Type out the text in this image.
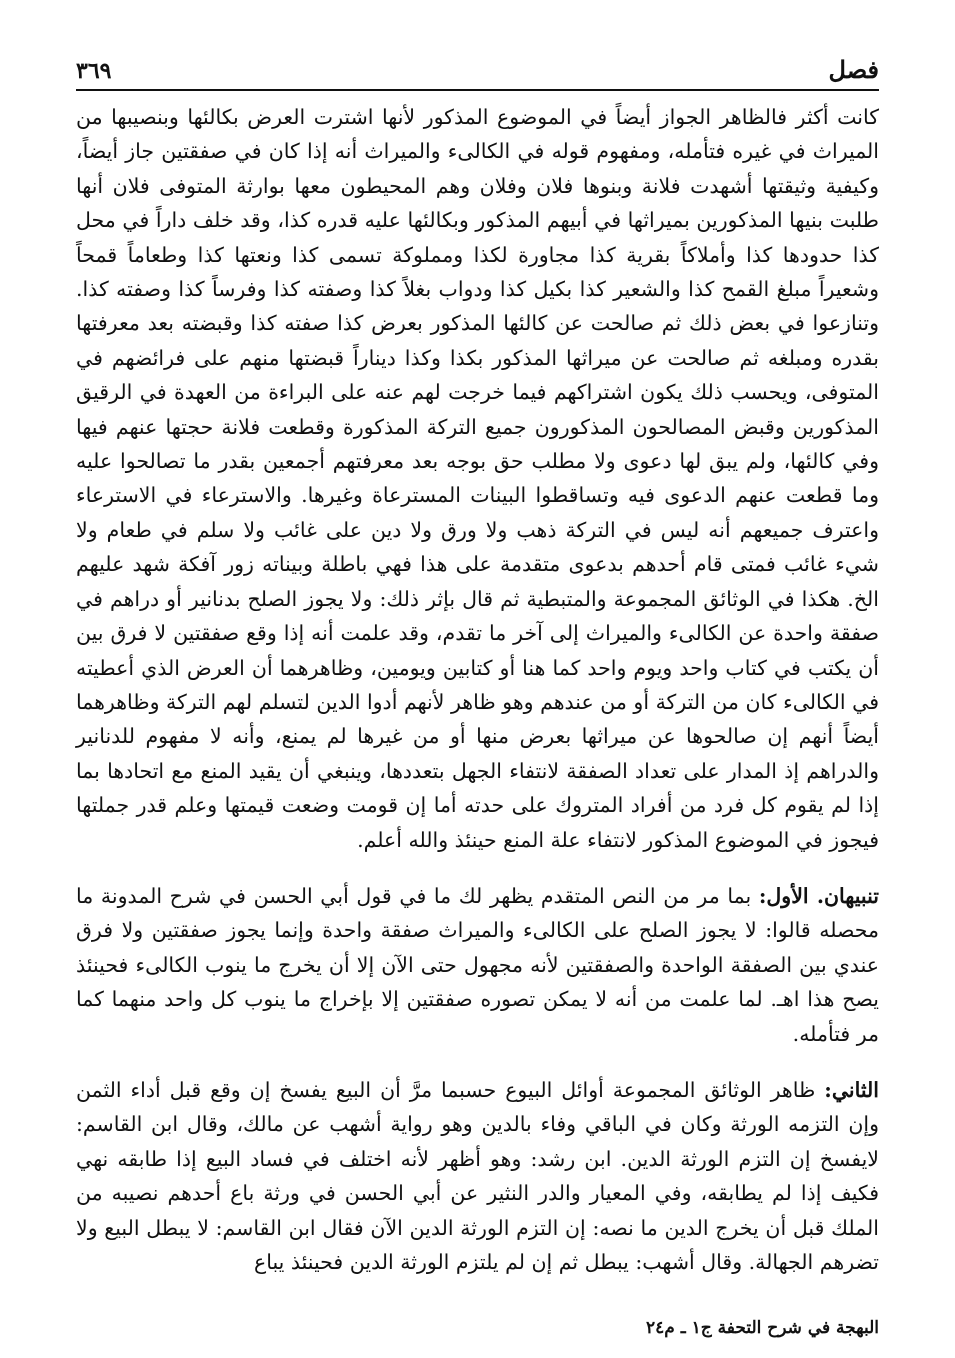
فصل
٣٦٩

كانت أكثر فالظاهر الجواز أيضاً في الموضوع المذكور لأنها اشترت العرض بكالئها وبنصيبها من الميراث في غيره فتأمله، ومفهوم قوله في الكالىء والميراث أنه إذا كان في صفقتين جاز أيضاً، وكيفية وثيقتها أشهدت فلانة وبنوها فلان وفلان وهم المحيطون معها بوارثة المتوفى فلان أنها طلبت بنيها المذكورين بميراثها في أبيهم المذكور وبكالئها عليه قدره كذا، وقد خلف داراً في محل كذا حدودها كذا وأملاكاً بقرية كذا مجاورة لكذا ومملوكة تسمى كذا ونعتها كذا وطعاماً قمحاً وشعيراً مبلغ القمح كذا والشعير كذا بكيل كذا ودواب بغلاً كذا وصفته كذا وفرساً كذا وصفته كذا. وتنازعوا في بعض ذلك ثم صالحت عن كالئها المذكور بعرض كذا صفته كذا وقبضته بعد معرفتها بقدره ومبلغه ثم صالحت عن ميراثها المذكور بكذا وكذا ديناراً قبضتها منهم على فرائضهم في المتوفى، ويحسب ذلك يكون اشتراكهم فيما خرجت لهم عنه على البراءة من العهدة في الرقيق المذكورين وقبض المصالحون المذكورون جميع التركة المذكورة وقطعت فلانة حجتها عنهم فيها وفي كالئها، ولم يبق لها دعوى ولا مطلب حق بوجه بعد معرفتهم أجمعين بقدر ما تصالحوا عليه وما قطعت عنهم الدعوى فيه وتساقطوا البينات المسترعاة وغيرها. والاسترعاء في الاسترعاء واعترف جميعهم أنه ليس في التركة ذهب ولا ورق ولا دين على غائب ولا سلم في طعام ولا شيء غائب فمتى قام أحدهم بدعوى متقدمة على هذا فهي باطلة وبيناته زور آفكة شهد عليهم الخ. هكذا في الوثائق المجموعة والمتبطية ثم قال بإثر ذلك: ولا يجوز الصلح بدنانير أو دراهم في صفقة واحدة عن الكالىء والميراث إلى آخر ما تقدم، وقد علمت أنه إذا وقع صفقتين لا فرق بين أن يكتب في كتاب واحد ويوم واحد كما هنا أو كتابين ويومين، وظاهرهما أن العرض الذي أعطيته في الكالىء كان من التركة أو من عندهم وهو ظاهر لأنهم أدوا الدين لتسلم لهم التركة وظاهرهما أيضاً أنهم إن صالحوها عن ميراثها بعرض منها أو من غيرها لم يمنع، وأنه لا مفهوم للدنانير والدراهم إذ المدار على تعداد الصفقة لانتفاء الجهل بتعددها، وينبغي أن يقيد المنع مع اتحادها بما إذا لم يقوم كل فرد من أفراد المتروك على حدته أما إن قومت وضعت قيمتها وعلم قدر جملتها فيجوز في الموضوع المذكور لانتفاء علة المنع حينئذ والله أعلم.

تنبيهان. الأول: بما مر من النص المتقدم يظهر لك ما في قول أبي الحسن في شرح المدونة ما محصله قالوا: لا يجوز الصلح على الكالىء والميراث صفقة واحدة وإنما يجوز صفقتين ولا فرق عندي بين الصفقة الواحدة والصفقتين لأنه مجهول حتى الآن إلا أن يخرج ما ينوب الكالىء فحينئذ يصح هذا اهـ. لما علمت من أنه لا يمكن تصوره صفقتين إلا بإخراج ما ينوب كل واحد منهما كما مر فتأمله.

الثاني: ظاهر الوثائق المجموعة أوائل البيوع حسبما مرَّ أن البيع يفسخ إن وقع قبل أداء الثمن وإن التزمه الورثة وكان في الباقي وفاء بالدين وهو رواية أشهب عن مالك، وقال ابن القاسم: لايفسخ إن التزم الورثة الدين. ابن رشد: وهو أظهر لأنه اختلف في فساد البيع إذا طابقه نهي فكيف إذا لم يطابقه، وفي المعيار والدر النثير عن أبي الحسن في ورثة باع أحدهم نصيبه من الملك قبل أن يخرج الدين ما نصه: إن التزم الورثة الدين الآن فقال ابن القاسم: لا يبطل البيع ولا تضرهم الجهالة. وقال أشهب: يبطل ثم إن لم يلتزم الورثة الدين فحينئذ يباع

البهجة في شرح التحفة ج١ ـ م٢٤
